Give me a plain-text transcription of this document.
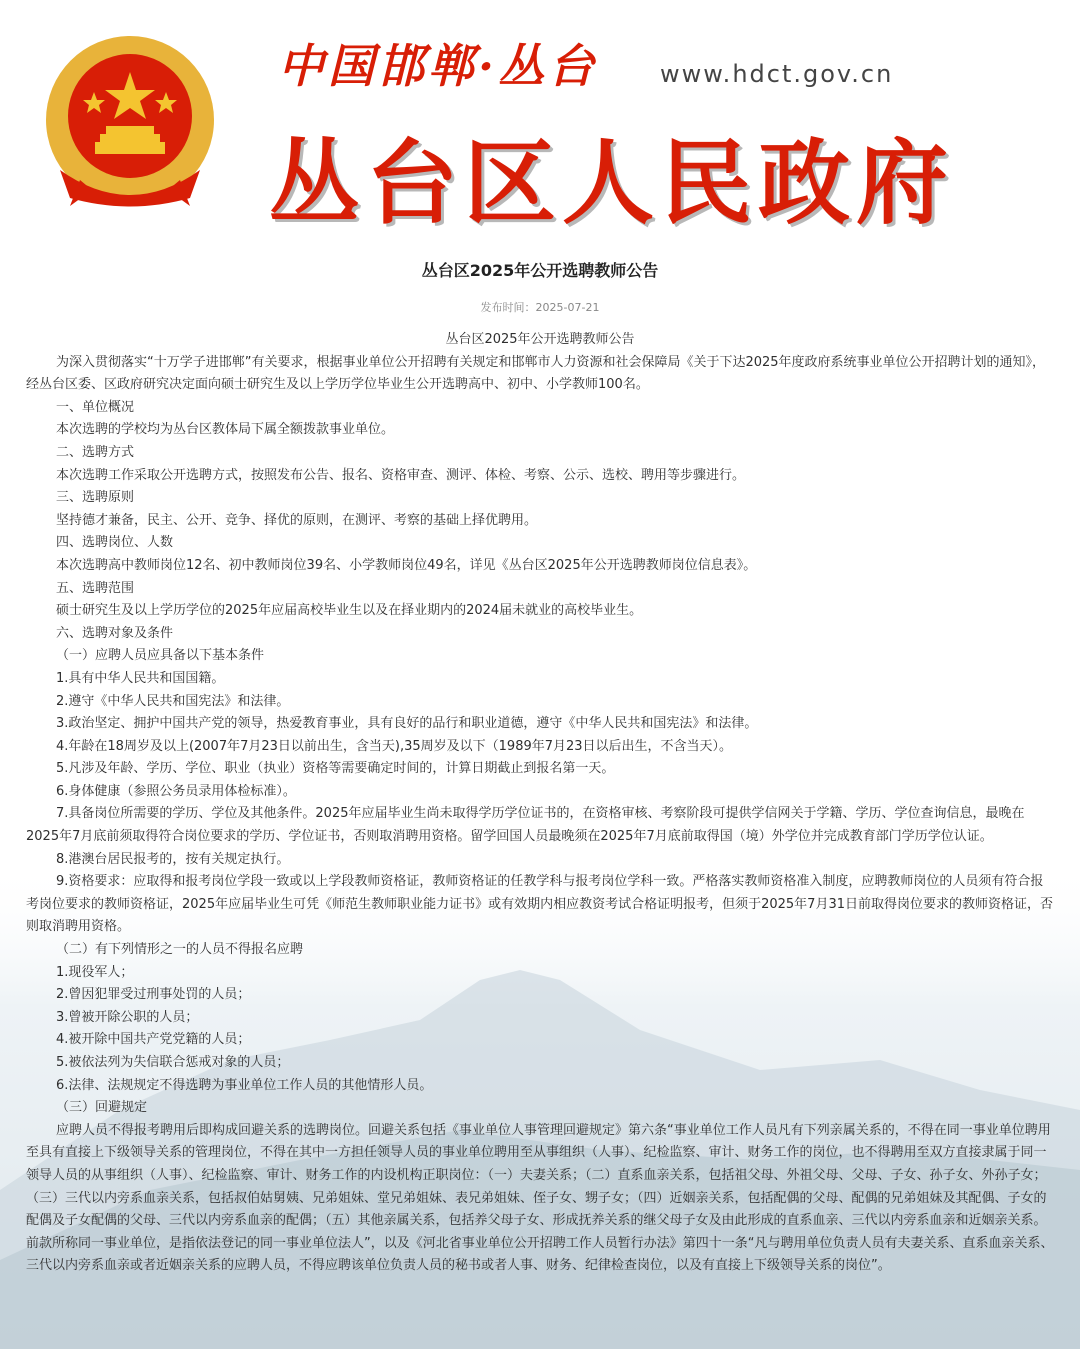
中国邯郸·丛台	www.hdct.gov.cn
丛台区人民政府
丛台区2025年公开选聘教师公告
发布时间：2025-07-21

丛台区2025年公开选聘教师公告

为深入贯彻落实“十万学子进邯郸”有关要求，根据事业单位公开招聘有关规定和邯郸市人力资源和社会保障局《关于下达2025年度政府系统事业单位公开招聘计划的通知》，经丛台区委、区政府研究决定面向硕士研究生及以上学历学位毕业生公开选聘高中、初中、小学教师100名。

一、单位概况

本次选聘的学校均为丛台区教体局下属全额拨款事业单位。

二、选聘方式

本次选聘工作采取公开选聘方式，按照发布公告、报名、资格审查、测评、体检、考察、公示、选校、聘用等步骤进行。

三、选聘原则

坚持德才兼备，民主、公开、竞争、择优的原则，在测评、考察的基础上择优聘用。

四、选聘岗位、人数

本次选聘高中教师岗位12名、初中教师岗位39名、小学教师岗位49名，详见《丛台区2025年公开选聘教师岗位信息表》。

五、选聘范围

硕士研究生及以上学历学位的2025年应届高校毕业生以及在择业期内的2024届未就业的高校毕业生。

六、选聘对象及条件

（一）应聘人员应具备以下基本条件

1.具有中华人民共和国国籍。

2.遵守《中华人民共和国宪法》和法律。

3.政治坚定、拥护中国共产党的领导，热爱教育事业，具有良好的品行和职业道德，遵守《中华人民共和国宪法》和法律。

4.年龄在18周岁及以上(2007年7月23日以前出生，含当天),35周岁及以下（1989年7月23日以后出生，不含当天）。

5.凡涉及年龄、学历、学位、职业（执业）资格等需要确定时间的，计算日期截止到报名第一天。

6.身体健康（参照公务员录用体检标准）。

7.具备岗位所需要的学历、学位及其他条件。2025年应届毕业生尚未取得学历学位证书的，在资格审核、考察阶段可提供学信网关于学籍、学历、学位查询信息，最晚在2025年7月底前须取得符合岗位要求的学历、学位证书，否则取消聘用资格。留学回国人员最晚须在2025年7月底前取得国（境）外学位并完成教育部门学历学位认证。

8.港澳台居民报考的，按有关规定执行。

9.资格要求：应取得和报考岗位学段一致或以上学段教师资格证，教师资格证的任教学科与报考岗位学科一致。严格落实教师资格准入制度，应聘教师岗位的人员须有符合报考岗位要求的教师资格证，2025年应届毕业生可凭《师范生教师职业能力证书》或有效期内相应教资考试合格证明报考，但须于2025年7月31日前取得岗位要求的教师资格证，否则取消聘用资格。

（二）有下列情形之一的人员不得报名应聘

1.现役军人；

2.曾因犯罪受过刑事处罚的人员；

3.曾被开除公职的人员；

4.被开除中国共产党党籍的人员；

5.被依法列为失信联合惩戒对象的人员；

6.法律、法规规定不得选聘为事业单位工作人员的其他情形人员。

（三）回避规定

应聘人员不得报考聘用后即构成回避关系的选聘岗位。回避关系包括《事业单位人事管理回避规定》第六条“事业单位工作人员凡有下列亲属关系的，不得在同一事业单位聘用至具有直接上下级领导关系的管理岗位，不得在其中一方担任领导人员的事业单位聘用至从事组织（人事）、纪检监察、审计、财务工作的岗位，也不得聘用至双方直接隶属于同一领导人员的从事组织（人事）、纪检监察、审计、财务工作的内设机构正职岗位：（一）夫妻关系；（二）直系血亲关系，包括祖父母、外祖父母、父母、子女、孙子女、外孙子女；（三）三代以内旁系血亲关系，包括叔伯姑舅姨、兄弟姐妹、堂兄弟姐妹、表兄弟姐妹、侄子女、甥子女；（四）近姻亲关系，包括配偶的父母、配偶的兄弟姐妹及其配偶、子女的配偶及子女配偶的父母、三代以内旁系血亲的配偶；（五）其他亲属关系，包括养父母子女、形成抚养关系的继父母子女及由此形成的直系血亲、三代以内旁系血亲和近姻亲关系。前款所称同一事业单位，是指依法登记的同一事业单位法人”，以及《河北省事业单位公开招聘工作人员暂行办法》第四十一条“凡与聘用单位负责人员有夫妻关系、直系血亲关系、三代以内旁系血亲或者近姻亲关系的应聘人员，不得应聘该单位负责人员的秘书或者人事、财务、纪律检查岗位，以及有直接上下级领导关系的岗位”。
